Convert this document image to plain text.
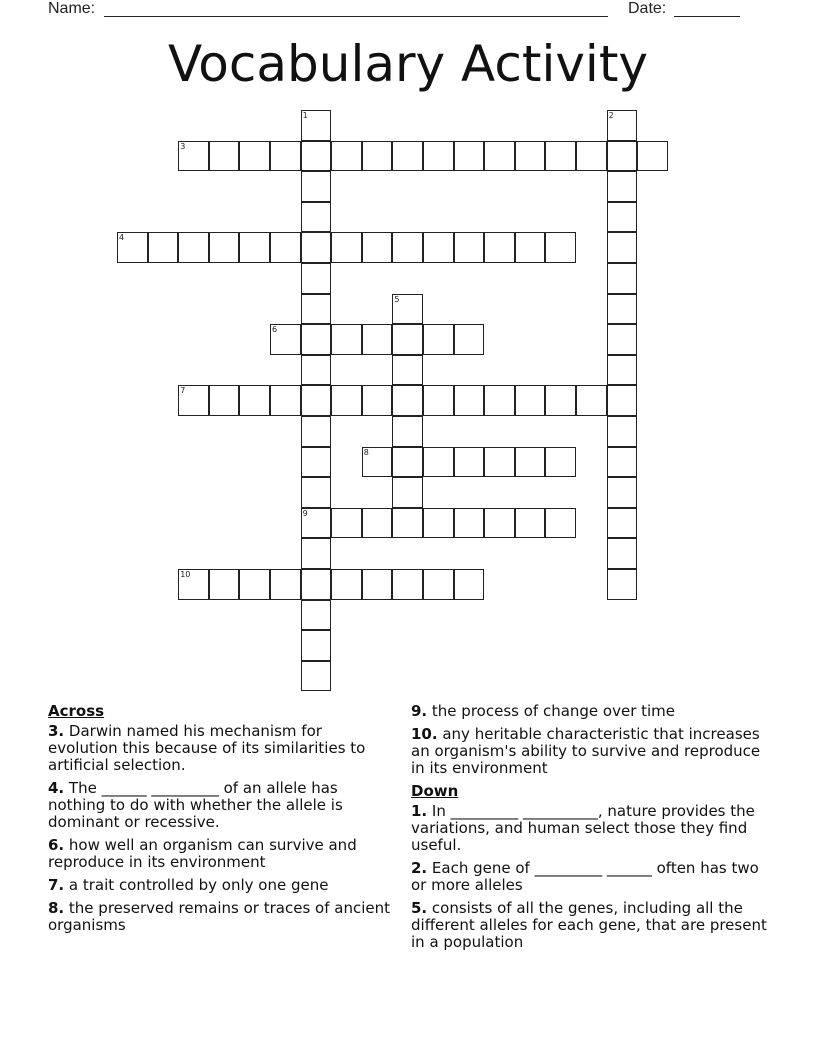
Name:	Date:
Vocabulary Activity
1
9
2
3
4
5
6
7
8
10
Across
3. Darwin named his mechanism for evolution this because of its similarities to artificial selection.
4. The ______ _________ of an allele has nothing to do with whether the allele is dominant or recessive.
6. how well an organism can survive and reproduce in its environment
7. a trait controlled by only one gene
8. the preserved remains or traces of ancient organisms
9. the process of change over time
10. any heritable characteristic that increases an organism's ability to survive and reproduce in its environment
Down
1. In _________ __________, nature provides the variations, and human select those they find useful.
2. Each gene of _________ ______ often has two or more alleles
5. consists of all the genes, including all the different alleles for each gene, that are present in a population
